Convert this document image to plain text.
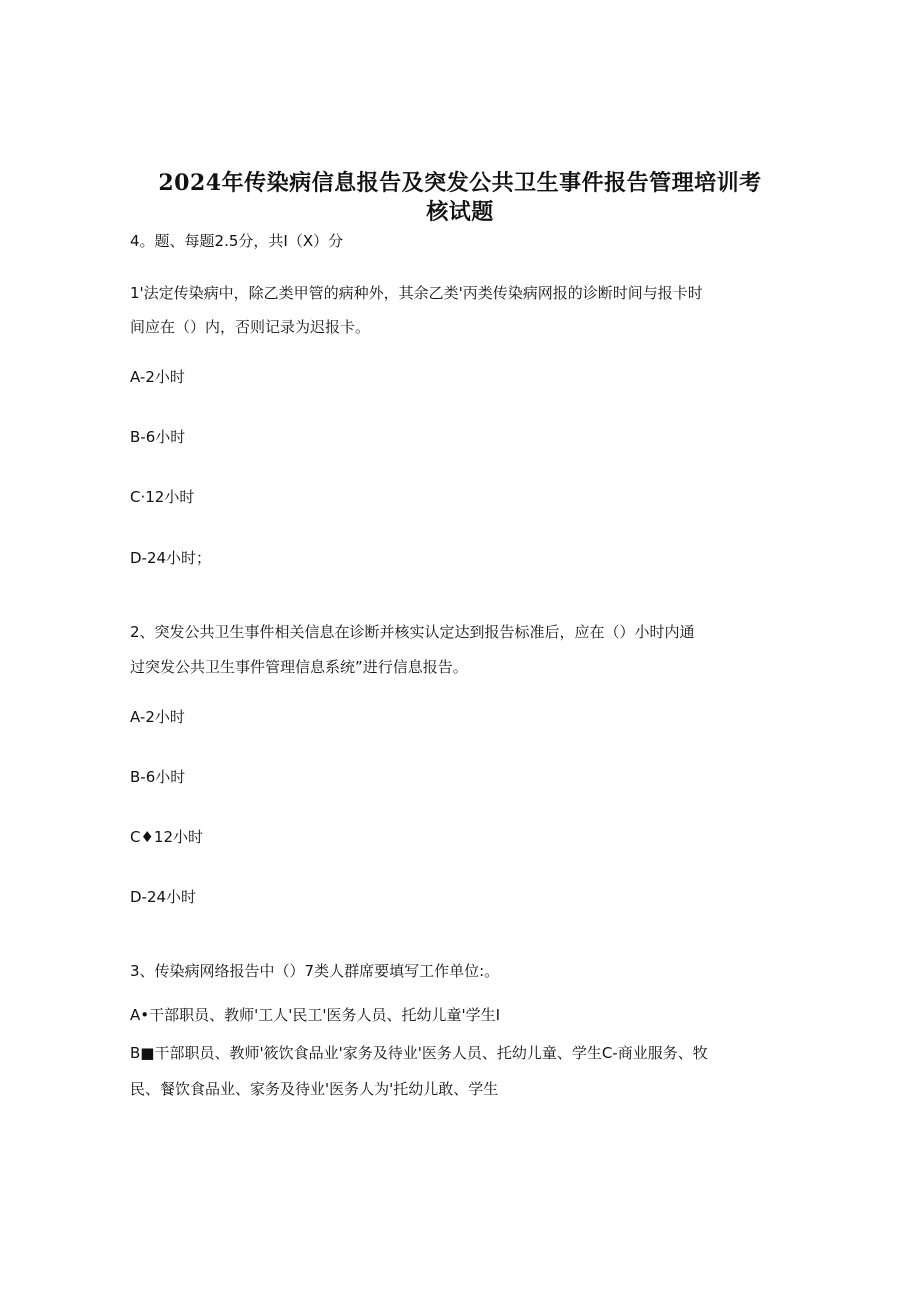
2024年传染病信息报告及突发公共卫生事件报告管理培训考
核试题
4。题、每题2.5分，共I（X）分
1'法定传染病中，除乙类甲管的病种外，其余乙类'丙类传染病网报的诊断时间与报卡时
间应在（）内，否则记录为迟报卡。
A-2小时
B-6小时
C·12小时
D-24小时；
2、突发公共卫生事件相关信息在诊断并核实认定达到报告标准后，应在（）小时内通
过突发公共卫生事件管理信息系统”进行信息报告。
A-2小时
B-6小时
C♦12小时
D-24小时
3、传染病网络报告中（）7类人群席要填写工作单位:。
A•干部职员、教师'工人'民工'医务人员、托幼儿童'学生I
B■干部职员、教师'筱饮食品业'家务及待业'医务人员、托幼儿童、学生C-商业服务、牧
民、餐饮食品业、家务及待业'医务人为'托幼儿敢、学生
